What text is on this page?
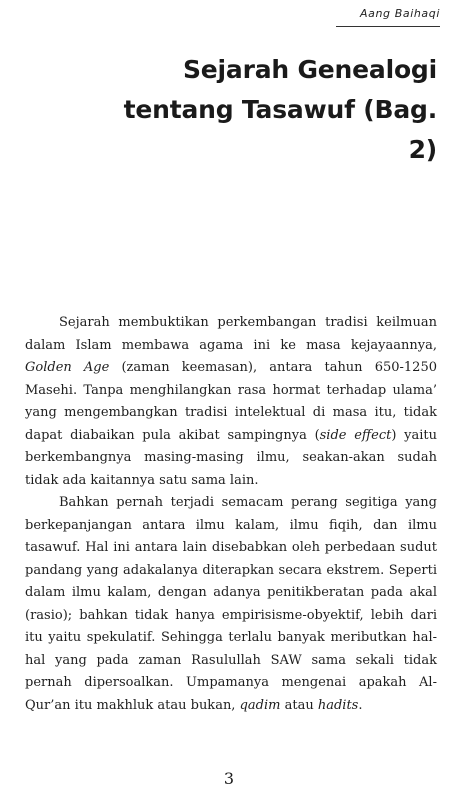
Aang Baihaqi
Sejarah Genealogi
tentang Tasawuf (Bag. 2)

Sejarah membuktikan perkembangan tradisi keilmuan dalam Islam membawa agama ini ke masa kejayaannya, Golden Age (zaman keemasan), antara tahun 650-1250 Masehi. Tanpa menghilangkan rasa hormat terhadap ulama’ yang mengembangkan tradisi intelektual di masa itu, tidak dapat diabaikan pula akibat sampingnya (side effect) yaitu berkembangnya masing-masing ilmu, seakan-akan sudah tidak ada kaitannya satu sama lain.

Bahkan pernah terjadi semacam perang segitiga yang berkepanjangan antara ilmu kalam, ilmu fiqih, dan ilmu tasawuf. Hal ini antara lain disebabkan oleh perbedaan sudut pandang yang adakalanya diterapkan secara ekstrem. Seperti dalam ilmu kalam, dengan adanya penitikberatan pada akal (rasio); bahkan tidak hanya empirisisme-obyektif, lebih dari itu yaitu spekulatif. Sehingga terlalu banyak meributkan hal-hal yang pada zaman Rasulullah SAW sama sekali tidak pernah dipersoalkan. Umpamanya mengenai apakah Al-Qur’an itu makhluk atau bukan, qadim atau hadits.

3
